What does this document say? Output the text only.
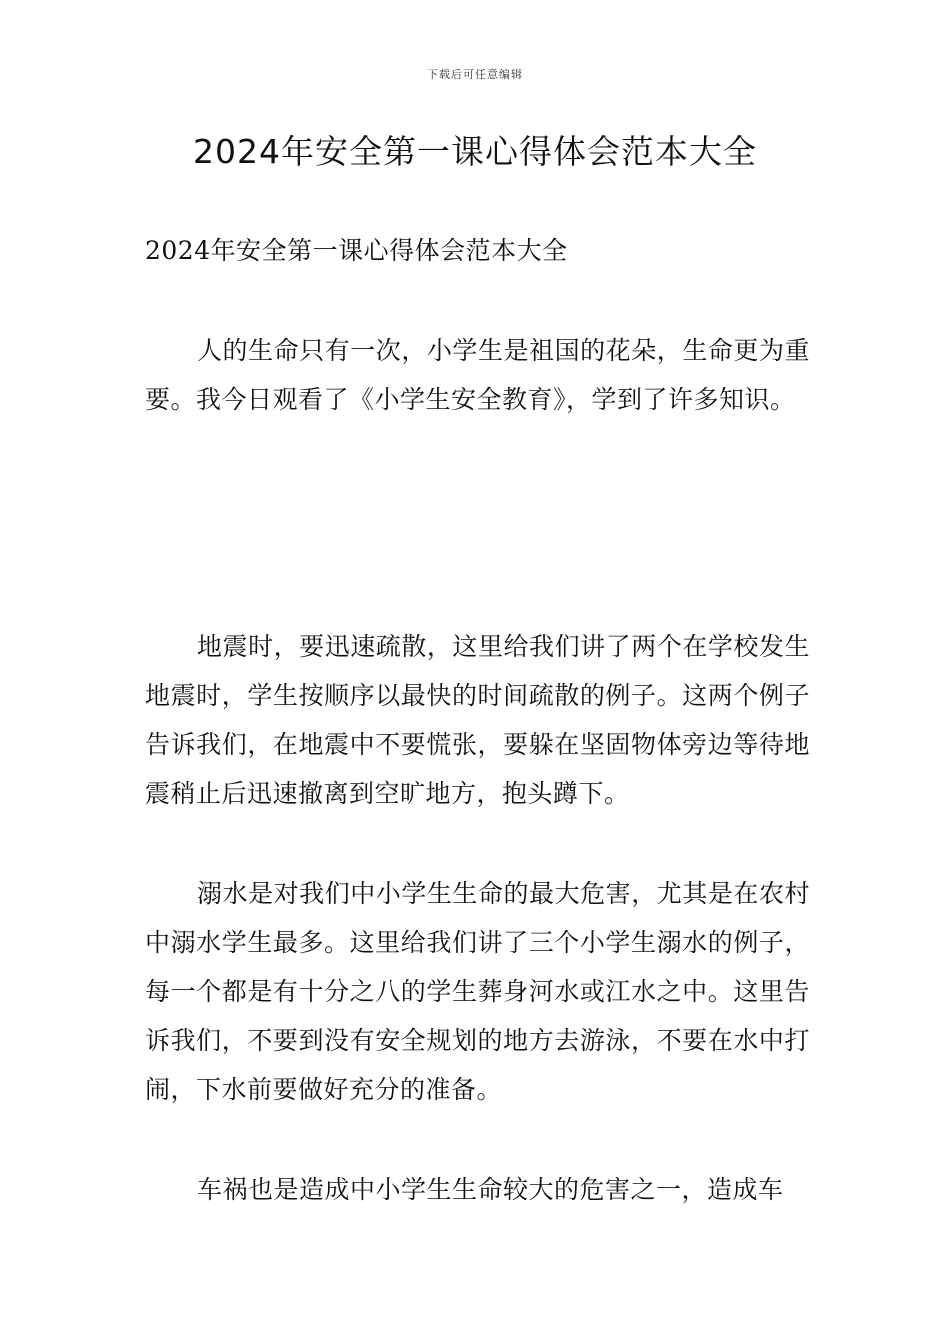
下载后可任意编辑
2024年安全第一课心得体会范本大全

2024年安全第一课心得体会范本大全

人的生命只有一次，小学生是祖国的花朵，生命更为重要。我今日观看了《小学生安全教育》，学到了许多知识。

地震时，要迅速疏散，这里给我们讲了两个在学校发生地震时，学生按顺序以最快的时间疏散的例子。这两个例子告诉我们，在地震中不要慌张，要躲在坚固物体旁边等待地震稍止后迅速撤离到空旷地方，抱头蹲下。

溺水是对我们中小学生生命的最大危害，尤其是在农村中溺水学生最多。这里给我们讲了三个小学生溺水的例子，每一个都是有十分之八的学生葬身河水或江水之中。这里告诉我们，不要到没有安全规划的地方去游泳，不要在水中打闹，下水前要做好充分的准备。

车祸也是造成中小学生生命较大的危害之一，造成车
